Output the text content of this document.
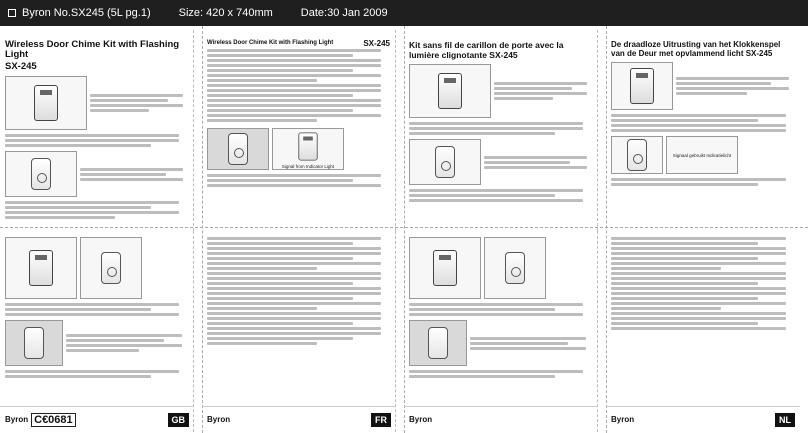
Byron No.SX245 (5L pg.1)	Size: 420 x 740mm	Date:30 Jan 2009
Wireless Door Chime Kit with Flashing Light
SX-245
Wireless Door Chime Kit with Flashing Light	SX-245
Signal from Indicator Light
Kit sans fil de carillon de porte avec la lumière clignotante SX-245
De draadloze Uitrusting van het Klokkenspel van de Deur met opvlammend licht SX-245
Signaal gebruikt Indicatielicht
Byron C€0681	GB	Byron	FR	Byron	Byron	NL
